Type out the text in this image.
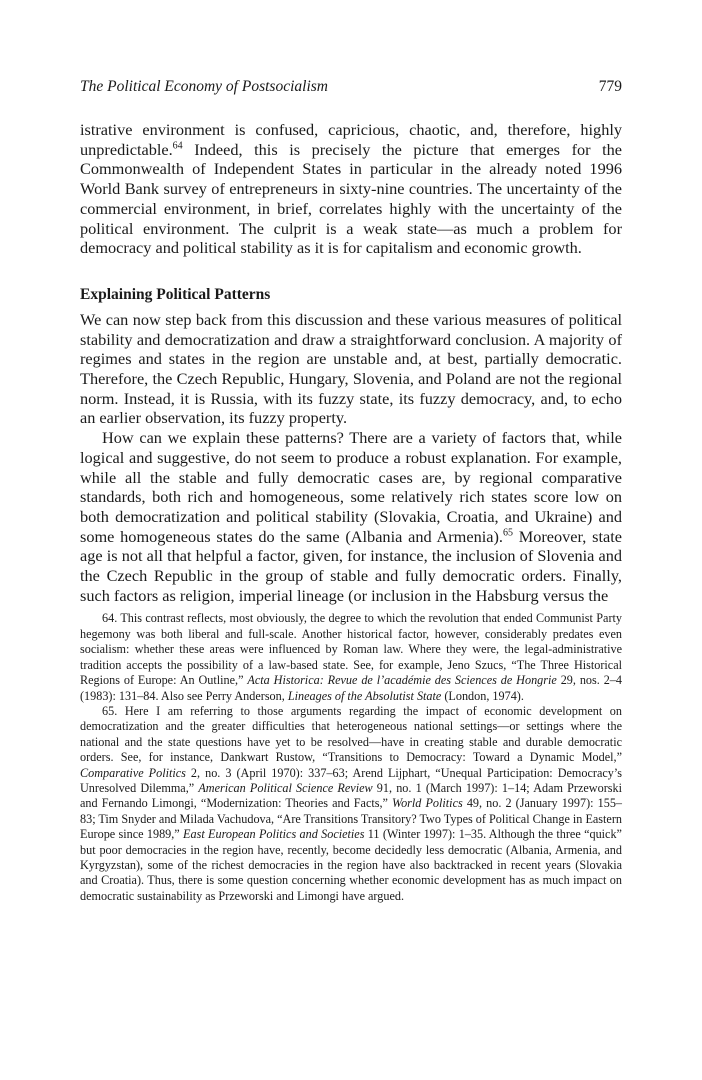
The Political Economy of Postsocialism	779

istrative environment is confused, capricious, chaotic, and, therefore, highly unpredictable.$^{64}$ Indeed, this is precisely the picture that emerges for the Commonwealth of Independent States in particular in the already noted 1996 World Bank survey of entrepreneurs in sixty-nine countries. The uncertainty of the commercial environment, in brief, correlates highly with the uncertainty of the political environment. The culprit is a weak state—as much a problem for democracy and political stability as it is for capitalism and economic growth.

Explaining Political Patterns

We can now step back from this discussion and these various measures of political stability and democratization and draw a straightforward conclusion. A majority of regimes and states in the region are unstable and, at best, partially democratic. Therefore, the Czech Republic, Hungary, Slovenia, and Poland are not the regional norm. Instead, it is Russia, with its fuzzy state, its fuzzy democracy, and, to echo an earlier observation, its fuzzy property.

How can we explain these patterns? There are a variety of factors that, while logical and suggestive, do not seem to produce a robust explanation. For example, while all the stable and fully democratic cases are, by regional comparative standards, both rich and homogeneous, some relatively rich states score low on both democratization and political stability (Slovakia, Croatia, and Ukraine) and some homogeneous states do the same (Albania and Armenia).$^{65}$ Moreover, state age is not all that helpful a factor, given, for instance, the inclusion of Slovenia and the Czech Republic in the group of stable and fully democratic orders. Finally, such factors as religion, imperial lineage (or inclusion in the Habsburg versus the

64. This contrast reflects, most obviously, the degree to which the revolution that ended Communist Party hegemony was both liberal and full-scale. Another historical factor, however, considerably predates even socialism: whether these areas were influenced by Roman law. Where they were, the legal-administrative tradition accepts the possibility of a law-based state. See, for example, Jeno Szucs, “The Three Historical Regions of Europe: An Outline,” Acta Historica: Revue de l’académie des Sciences de Hongrie 29, nos. 2–4 (1983): 131–84. Also see Perry Anderson, Lineages of the Absolutist State (London, 1974).

65. Here I am referring to those arguments regarding the impact of economic development on democratization and the greater difficulties that heterogeneous national settings—or settings where the national and the state questions have yet to be resolved—have in creating stable and durable democratic orders. See, for instance, Dankwart Rustow, “Transitions to Democracy: Toward a Dynamic Model,” Comparative Politics 2, no. 3 (April 1970): 337–63; Arend Lijphart, “Unequal Participation: Democracy’s Unresolved Dilemma,” American Political Science Review 91, no. 1 (March 1997): 1–14; Adam Przeworski and Fernando Limongi, “Modernization: Theories and Facts,” World Politics 49, no. 2 (January 1997): 155–83; Tim Snyder and Milada Vachudova, “Are Transitions Transitory? Two Types of Political Change in Eastern Europe since 1989,” East European Politics and Societies 11 (Winter 1997): 1–35. Although the three “quick” but poor democracies in the region have, recently, become decidedly less democratic (Albania, Armenia, and Kyrgyzstan), some of the richest democracies in the region have also backtracked in recent years (Slovakia and Croatia). Thus, there is some question concerning whether economic development has as much impact on democratic sustainability as Przeworski and Limongi have argued.
